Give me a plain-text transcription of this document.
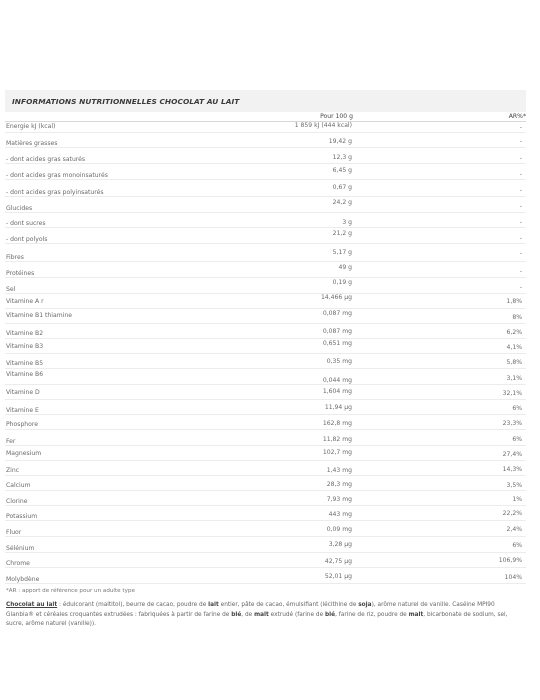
INFORMATIONS NUTRITIONNELLES CHOCOLAT AU LAIT
	Pour 100 g	AR%*

Energie kJ (kcal)	1 859 kJ (444 kcal)	-

Matières grasses	19,42 g	-

- dont acides gras saturés	12,3 g	-

- dont acides gras monoinsaturés	6,45 g	-

- dont acides gras polyinsaturés	0,67 g	-

Glucides	24,2 g	-

- dont sucres	3 g	-

- dont polyols	21,2 g	-

Fibres	5,17 g	-

Protéines	49 g	-

Sel	0,19 g	-

Vitamine A r	14,466 µg	1,8%

Vitamine B1 thiamine	0,087 mg	8%

Vitamine B2	0,087 mg	6,2%

Vitamine B3	0,651 mg	4,1%

Vitamine B5	0,35 mg	5,8%

Vitamine B6	0,044 mg	3,1%

Vitamine D	1,604 mg	32,1%

Vitamine E	11,94 µg	6%

Phosphore	162,8 mg	23,3%

Fer	11,82 mg	6%

Magnesium	102,7 mg	27,4%

Zinc	1,43 mg	14,3%

Calcium	28,3 mg	3,5%

Clorine	7,93 mg	1%

Potassium	443 mg	22,2%

Fluor	0,09 mg	2,4%

Sélénium	3,28 µg	6%

Chrome	42,75 µg	106,9%

Molybdène	52,01 µg	104%
*AR : apport de référence pour un adulte type
Chocolat au lait : édulcorant (maltitol), beurre de cacao, poudre de lait entier, pâte de cacao, émulsifiant (lécithine de soja), arôme naturel de vanille. Caséine MPI90 Glanbia® et céréales croquantes extrudées : fabriquées à partir de farine de blé, de malt extrudé (farine de blé, farine de riz, poudre de malt, bicarbonate de sodium, sel, sucre, arôme naturel (vanille)).
